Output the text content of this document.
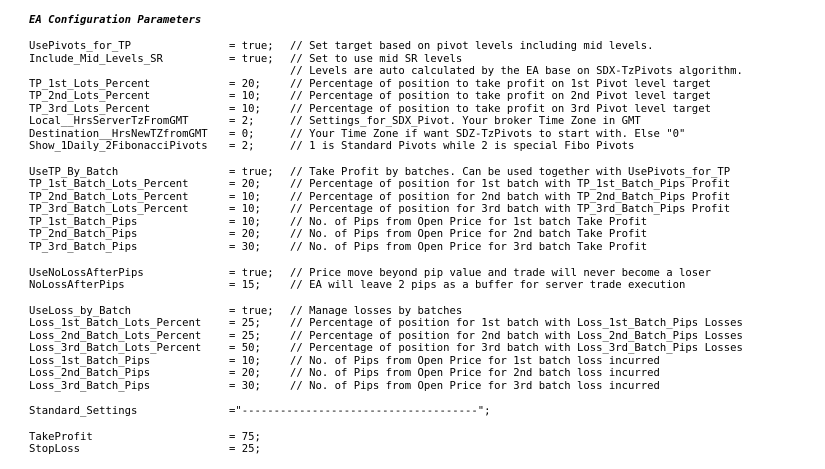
EA Configuration Parameters
UsePivots_for_TP	= true; // Set target based on pivot levels including mid levels.
Include_Mid_Levels_SR	= true; // Set to use mid SR levels
// Levels are auto calculated by the EA base on SDX-TzPivots algorithm.
TP_1st_Lots_Percent	= 20;	// Percentage of position to take profit on 1st Pivot level target
TP_2nd_Lots_Percent	= 10;	// Percentage of position to take profit on 2nd Pivot level target
TP_3rd_Lots_Percent	= 10;	// Percentage of position to take profit on 3rd Pivot level target
Local__HrsServerTzFromGMT	= 2;	// Settings_for_SDX_Pivot. Your broker Time Zone in GMT
Destination__HrsNewTZfromGMT = 0;	// Your Time Zone if want SDZ-TzPivots to start with. Else "0"
Show_1Daily_2FibonacciPivots = 2;	// 1 is Standard Pivots while 2 is special Fibo Pivots
UseTP_By_Batch	= true; // Take Profit by batches. Can be used together with UsePivots_for_TP
TP_1st_Batch_Lots_Percent	= 20;	// Percentage of position for 1st batch with TP_1st_Batch_Pips Profit
TP_2nd_Batch_Lots_Percent	= 10;	// Percentage of position for 2nd batch with TP_2nd_Batch_Pips Profit
TP_3rd_Batch_Lots_Percent	= 10;	// Percentage of position for 3rd batch with TP_3rd_Batch_Pips Profit
TP_1st_Batch_Pips	= 10;	// No. of Pips from Open Price for 1st batch Take Profit
TP_2nd_Batch_Pips	= 20;	// No. of Pips from Open Price for 2nd batch Take Profit
TP_3rd_Batch_Pips	= 30;	// No. of Pips from Open Price for 3rd batch Take Profit
UseNoLossAfterPips	= true; // Price move beyond pip value and trade will never become a loser
NoLossAfterPips	= 15;	// EA will leave 2 pips as a buffer for server trade execution
UseLoss_by_Batch	= true; // Manage losses by batches
Loss_1st_Batch_Lots_Percent	= 25;	// Percentage of position for 1st batch with Loss_1st_Batch_Pips Losses
Loss_2nd_Batch_Lots_Percent	= 25;	// Percentage of position for 2nd batch with Loss_2nd_Batch_Pips Losses
Loss_3rd_Batch_Lots_Percent	= 50;	// Percentage of position for 3rd batch with Loss_3rd_Batch_Pips Losses
Loss_1st_Batch_Pips	= 10;	// No. of Pips from Open Price for 1st batch loss incurred
Loss_2nd_Batch_Pips	= 20;	// No. of Pips from Open Price for 2nd batch loss incurred
Loss_3rd_Batch_Pips	= 30;	// No. of Pips from Open Price for 3rd batch loss incurred
Standard_Settings	="-------------------------------------";
TakeProfit	= 75;
StopLoss	= 25;
